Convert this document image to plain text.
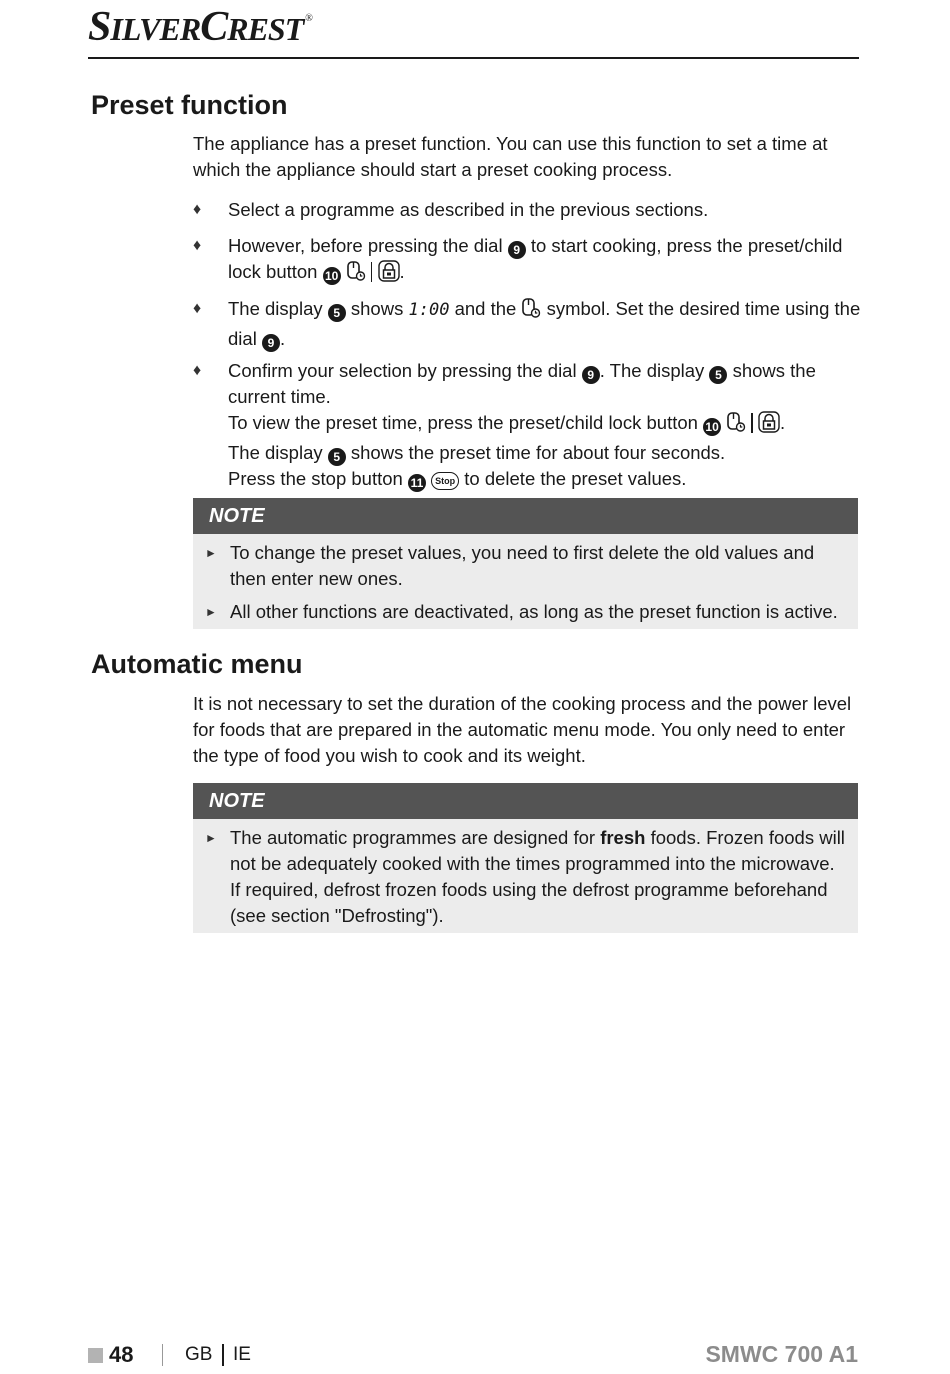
SILVERCREST ®
Preset function

The appliance has a preset function. You can use this function to set a time at which the appliance should start a preset cooking process.

♦	Select a programme as described in the previous sections.
♦	However, before pressing the dial 9 to start cooking, press the preset/child lock button 10	.
♦	The display 5 shows 1:00 and the symbol. Set the desired time using the dial 9 .
♦	Confirm your selection by pressing the dial 9 . The display 5 shows the current time.
To view the preset time, press the preset/child lock button 10	.
The display 5 shows the preset time for about four seconds.
Press the stop button 11 Stop to delete the preset values.
NOTE
► To change the preset values, you need to first delete the old values and then enter new ones.
► All other functions are deactivated, as long as the preset function is active.
Automatic menu

It is not necessary to set the duration of the cooking process and the power level for foods that are prepared in the automatic menu mode. You only need to enter the type of food you wish to cook and its weight.

NOTE
► The automatic programmes are designed for fresh foods. Frozen foods will not be adequately cooked with the times programmed into the microwave. If required, defrost frozen foods using the defrost programme beforehand (see section "Defrosting").
48	GB IE	SMWC 700 A1
